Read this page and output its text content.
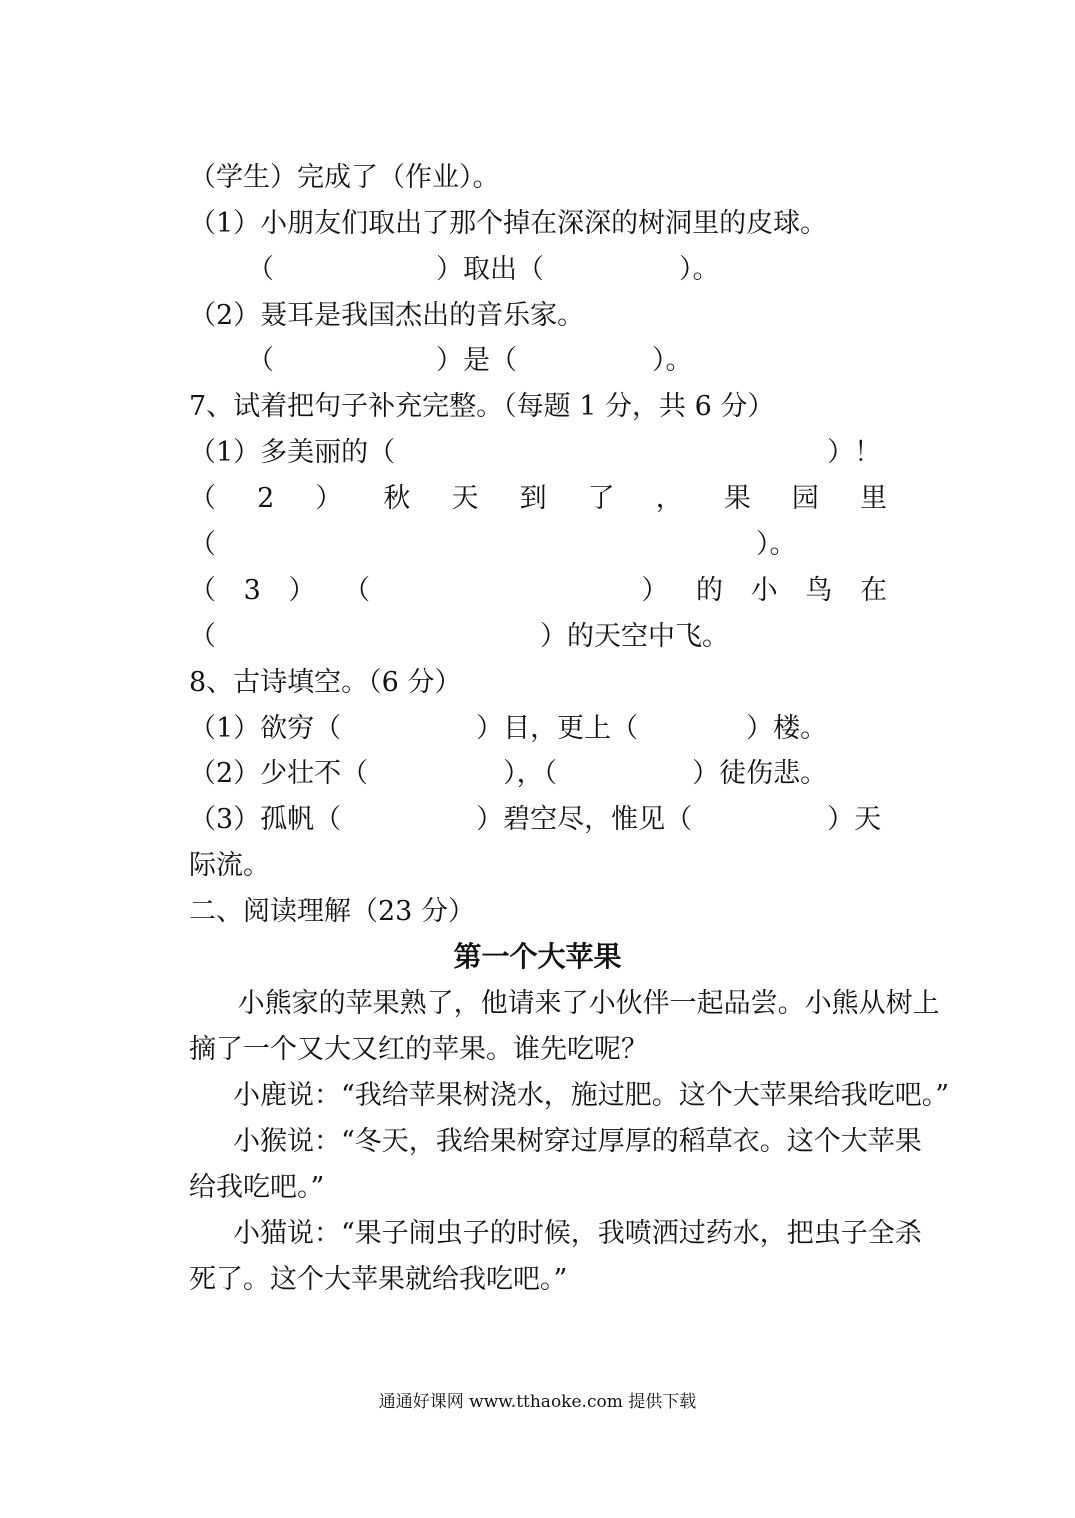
（学生）完成了（作业）。
（1）小朋友们取出了那个掉在深深的树洞里的皮球。
（　　　　　　）取出（　　　　　）。
（2）聂耳是我国杰出的音乐家。
（　　　　　　）是（　　　　　）。
7、试着把句子补充完整。（每题 1 分，共 6 分）
（1）多美丽的（　　　　　　　　　　　　　　　　）！
（ 2 ） 秋 天 到 了 ， 果 园 里
（　　　　　　　　　　　　　　　　　　　　）。
（ 3 ） （
　　　　　　　　	） 的 小 鸟 在
（　　　　　　　　　　　　）的天空中飞。
8、古诗填空。（6 分）
（1）欲穷（　　　　　）目，更上（　　　　）楼。
（2）少壮不（　　　　　），（　　　　　）徒伤悲。
（3）孤帆（　　　　　）碧空尽，惟见（　　　　　）天
际流。
二、阅读理解（23 分）
第一个大苹果
小熊家的苹果熟了，他请来了小伙伴一起品尝。小熊从树上
摘了一个又大又红的苹果。谁先吃呢？
小鹿说：“我给苹果树浇水，施过肥。这个大苹果给我吃吧。”
小猴说：“冬天，我给果树穿过厚厚的稻草衣。这个大苹果
给我吃吧。”
小猫说：“果子闹虫子的时候，我喷洒过药水，把虫子全杀
死了。这个大苹果就给我吃吧。”
通通好课网 www.tthaoke.com 提供下载
